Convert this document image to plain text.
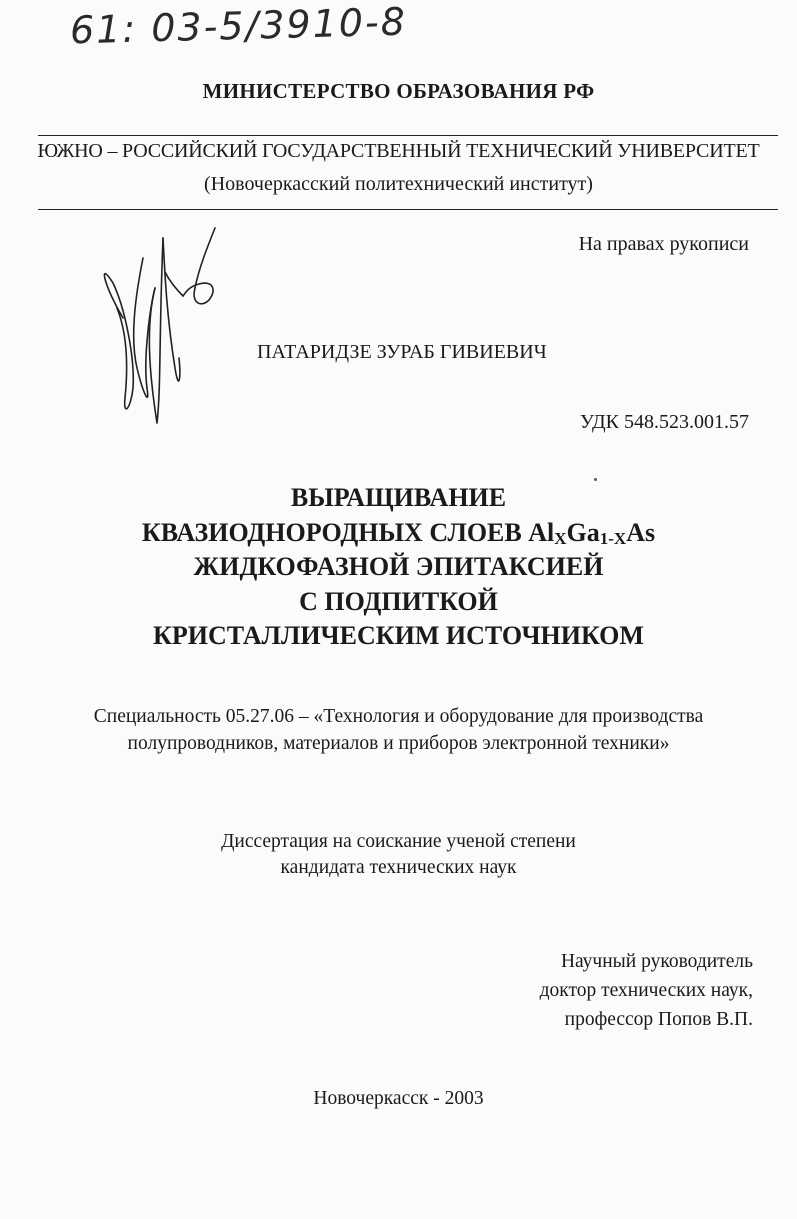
61: 03-5/3910-8
МИНИСТЕРСТВО ОБРАЗОВАНИЯ РФ
ЮЖНО – РОССИЙСКИЙ ГОСУДАРСТВЕННЫЙ ТЕХНИЧЕСКИЙ УНИВЕРСИТЕТ
(Новочеркасский политехнический институт)
На правах рукописи
ПАТАРИДЗЕ ЗУРАБ ГИВИЕВИЧ
УДК 548.523.001.57
ВЫРАЩИВАНИЕ
КВАЗИОДНОРОДНЫХ СЛОЕВ $Al_XGa_{1-X}As$
ЖИДКОФАЗНОЙ ЭПИТАКСИЕЙ
С ПОДПИТКОЙ
КРИСТАЛЛИЧЕСКИМ ИСТОЧНИКОМ
Специальность 05.27.06 – «Технология и оборудование для производства
полупроводников, материалов и приборов электронной техники»
Диссертация на соискание ученой степени
кандидата технических наук
Научный руководитель
доктор технических наук,
профессор Попов В.П.
Новочеркасск - 2003
